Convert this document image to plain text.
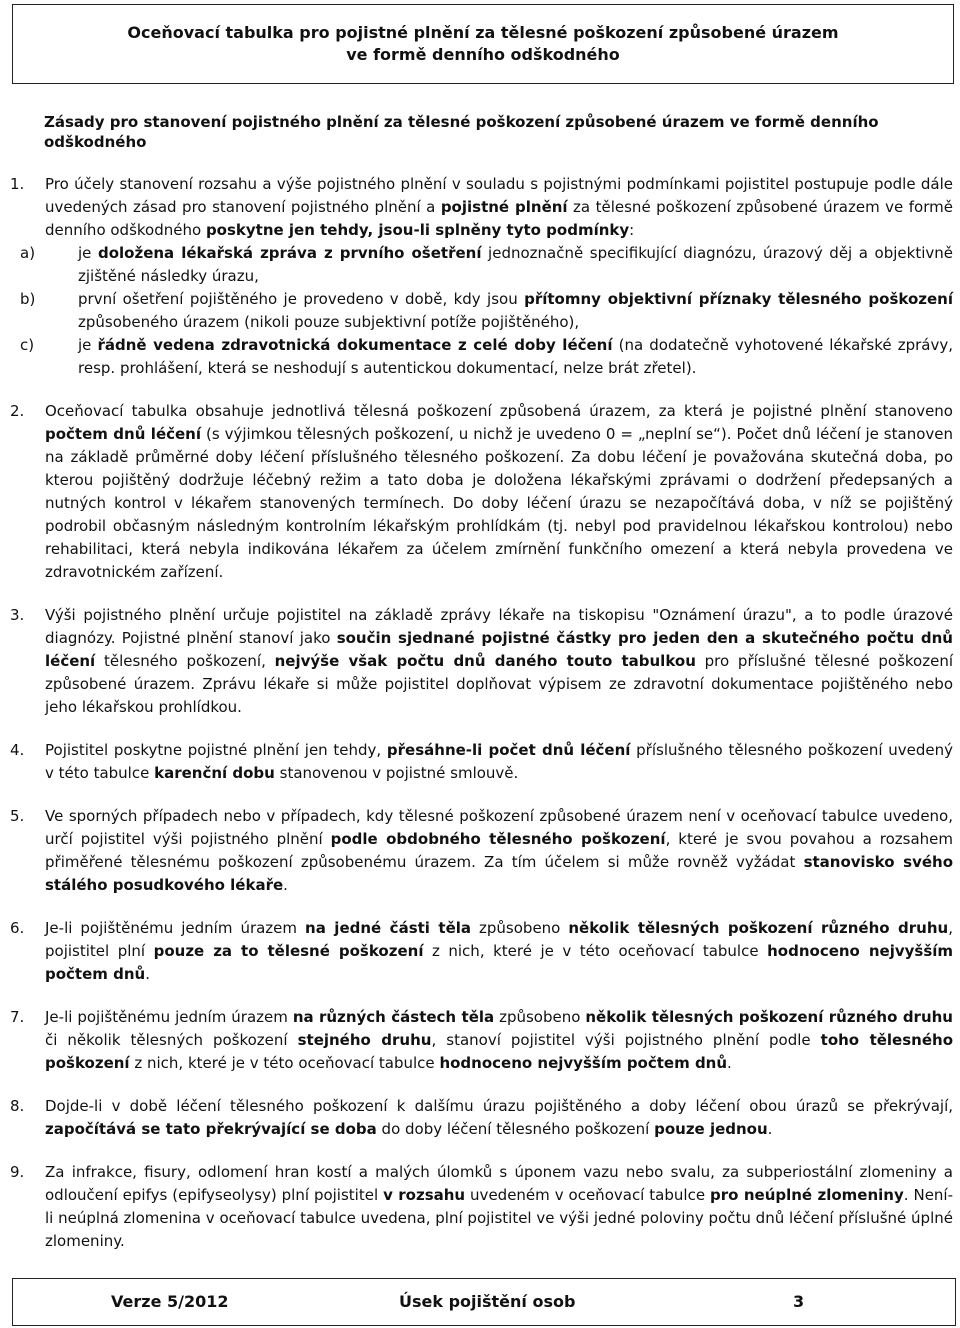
Oceňovací tabulka pro pojistné plnění za tělesné poškození způsobené úrazem
ve formě denního odškodného
Zásady pro stanovení pojistného plnění za tělesné poškození způsobené úrazem ve formě denního odškodného
1.	Pro účely stanovení rozsahu a výše pojistného plnění v souladu s pojistnými podmínkami pojistitel postupuje podle dále uvedených zásad pro stanovení pojistného plnění a pojistné plnění za tělesné poškození způsobené úrazem ve formě denního odškodného poskytne jen tehdy, jsou-li splněny tyto podmínky:
a)	je doložena lékařská zpráva z prvního ošetření jednoznačně specifikující diagnózu, úrazový děj a objektivně zjištěné následky úrazu,
b)	první ošetření pojištěného je provedeno v době, kdy jsou přítomny objektivní příznaky tělesného poškození způsobeného úrazem (nikoli pouze subjektivní potíže pojištěného),
c)	je řádně vedena zdravotnická dokumentace z celé doby léčení (na dodatečně vyhotovené lékařské zprávy, resp. prohlášení, která se neshodují s autentickou dokumentací, nelze brát zřetel).
2.	Oceňovací tabulka obsahuje jednotlivá tělesná poškození způsobená úrazem, za která je pojistné plnění stanoveno počtem dnů léčení (s výjimkou tělesných poškození, u nichž je uvedeno 0 = „neplní se“). Počet dnů léčení je stanoven na základě průměrné doby léčení příslušného tělesného poškození. Za dobu léčení je považována skutečná doba, po kterou pojištěný dodržuje léčebný režim a tato doba je doložena lékařskými zprávami o dodržení předepsaných a nutných kontrol v lékařem stanovených termínech. Do doby léčení úrazu se nezapočítává doba, v níž se pojištěný podrobil občasným následným kontrolním lékařským prohlídkám (tj. nebyl pod pravidelnou lékařskou kontrolou) nebo rehabilitaci, která nebyla indikována lékařem za účelem zmírnění funkčního omezení a která nebyla provedena ve zdravotnickém zařízení.
3.	Výši pojistného plnění určuje pojistitel na základě zprávy lékaře na tiskopisu "Oznámení úrazu", a to podle úrazové diagnózy. Pojistné plnění stanoví jako součin sjednané pojistné částky pro jeden den a skutečného počtu dnů léčení tělesného poškození, nejvýše však počtu dnů daného touto tabulkou pro příslušné tělesné poškození způsobené úrazem. Zprávu lékaře si může pojistitel doplňovat výpisem ze zdravotní dokumentace pojištěného nebo jeho lékařskou prohlídkou.
4.	Pojistitel poskytne pojistné plnění jen tehdy, přesáhne-li počet dnů léčení příslušného tělesného poškození uvedený v této tabulce karenční dobu stanovenou v pojistné smlouvě.
5.	Ve sporných případech nebo v případech, kdy tělesné poškození způsobené úrazem není v oceňovací tabulce uvedeno, určí pojistitel výši pojistného plnění podle obdobného tělesného poškození, které je svou povahou a rozsahem přiměřené tělesnému poškození způsobenému úrazem. Za tím účelem si může rovněž vyžádat stanovisko svého stálého posudkového lékaře.
6.	Je-li pojištěnému jedním úrazem na jedné části těla způsobeno několik tělesných poškození různého druhu, pojistitel plní pouze za to tělesné poškození z nich, které je v této oceňovací tabulce hodnoceno nejvyšším počtem dnů.
7.	Je-li pojištěnému jedním úrazem na různých částech těla způsobeno několik tělesných poškození různého druhu či několik tělesných poškození stejného druhu, stanoví pojistitel výši pojistného plnění podle toho tělesného poškození z nich, které je v této oceňovací tabulce hodnoceno nejvyšším počtem dnů.
8.	Dojde-li v době léčení tělesného poškození k dalšímu úrazu pojištěného a doby léčení obou úrazů se překrývají, započítává se tato překrývající se doba do doby léčení tělesného poškození pouze jednou.
9.	Za infrakce, fisury, odlomení hran kostí a malých úlomků s úponem vazu nebo svalu, za subperiostální zlomeniny a odloučení epifys (epifyseolysy) plní pojistitel v rozsahu uvedeném v oceňovací tabulce pro neúplné zlomeniny. Není-li neúplná zlomenina v oceňovací tabulce uvedena, plní pojistitel ve výši jedné poloviny počtu dnů léčení příslušné úplné zlomeniny.
Verze 5/2012	Úsek pojištění osob	3
